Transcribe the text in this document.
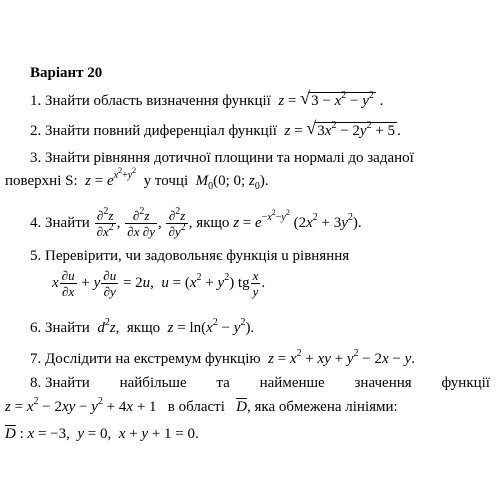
Варіант 20
1. Знайти область визначення функції  z = √ $3 - x^2 - y^2$ .
2. Знайти повний диференціал функції  z = √ $3x^2 - 2y^2 + 5$ .
3. Знайти рівняння дотичної площини та нормалі до заданої
поверхні S:  $z = e^{x^2+y^2}$  у точці $M_0(0$; 0; $z_0$).
4. Знайти $\frac{\partial^2z}{\partial x^2}$ , $\frac{\partial^2z}{\partial x \partial y}$ , $\frac{\partial^2z}{\partial y^2}$ , якщо $z = e^{-x^2-y^2}$ $(2x^2 + 3y^2)$.
5. Перевірити, чи задовольняє функція u рівняння
x $\frac{\partial u}{\partial x} + y \frac{\partial u}{\partial y} = 2u$,  $u = (x^2 + y^2)$ tg $\frac{x}{y}$ .
6. Знайти $d^2z$,  якщо $z = \ln(x^2 - y^2)$.
7. Дослідити на екстремум функцію $z = x^2$ + xy + $y^2 - 2x - y$.
8. Знайти найбільше та найменше значення функції
$z = x^2 - 2xy - y^2 + 4x + 1$   в області $\overline{D}$, яка обмежена лініями:
$\overline{D}$ : x = −3,  y = 0,  x + y + 1 = 0.
